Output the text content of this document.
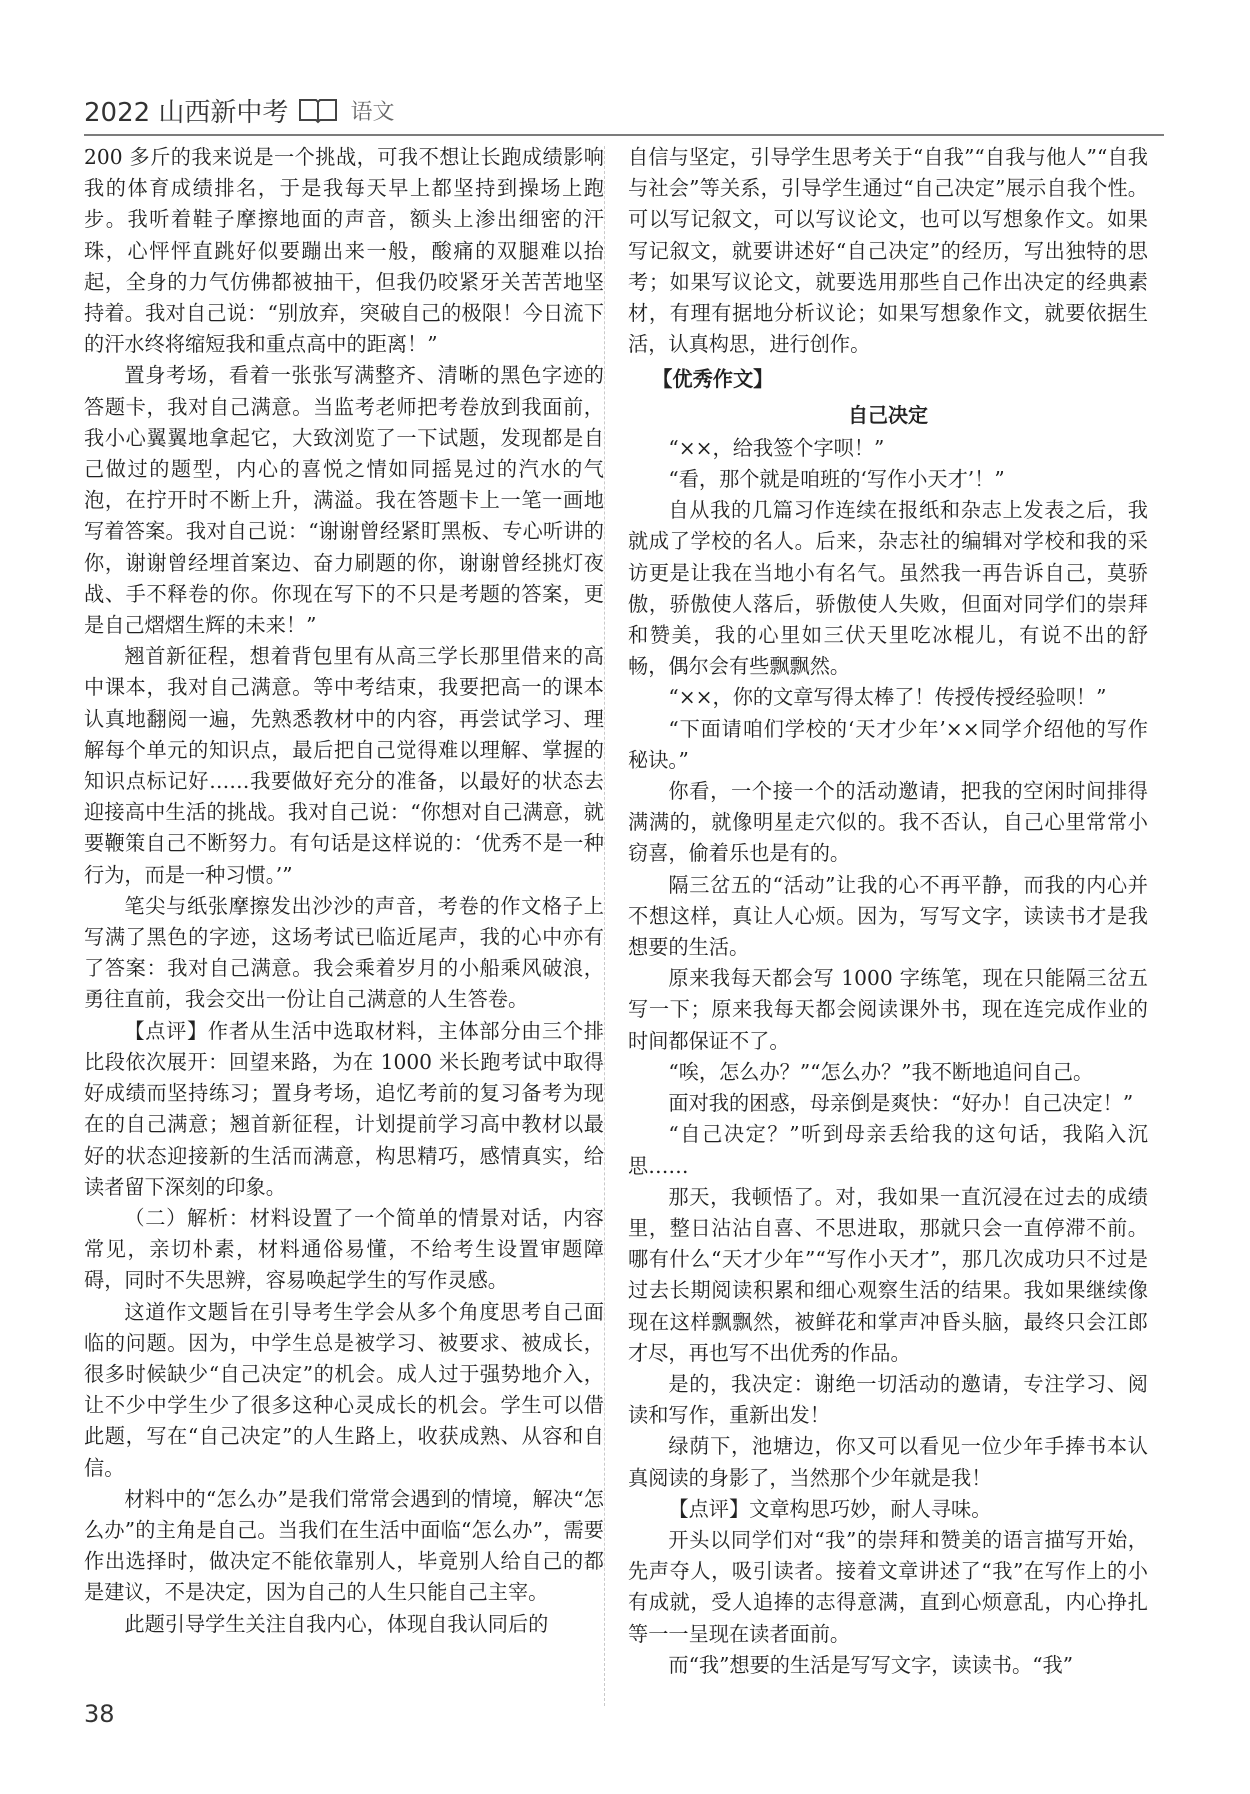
2022 山西新中考	语文

200 多斤的我来说是一个挑战，可我不想让长跑成绩影响我的体育成绩排名，于是我每天早上都坚持到操场上跑步。我听着鞋子摩擦地面的声音，额头上渗出细密的汗珠，心怦怦直跳好似要蹦出来一般，酸痛的双腿难以抬起，全身的力气仿佛都被抽干，但我仍咬紧牙关苦苦地坚持着。我对自己说：“别放弃，突破自己的极限！今日流下的汗水终将缩短我和重点高中的距离！”

置身考场，看着一张张写满整齐、清晰的黑色字迹的答题卡，我对自己满意。当监考老师把考卷放到我面前，我小心翼翼地拿起它，大致浏览了一下试题，发现都是自己做过的题型，内心的喜悦之情如同摇晃过的汽水的气泡，在拧开时不断上升，满溢。我在答题卡上一笔一画地写着答案。我对自己说：“谢谢曾经紧盯黑板、专心听讲的你，谢谢曾经埋首案边、奋力刷题的你，谢谢曾经挑灯夜战、手不释卷的你。你现在写下的不只是考题的答案，更是自己熠熠生辉的未来！”

翘首新征程，想着背包里有从高三学长那里借来的高中课本，我对自己满意。等中考结束，我要把高一的课本认真地翻阅一遍，先熟悉教材中的内容，再尝试学习、理解每个单元的知识点，最后把自己觉得难以理解、掌握的知识点标记好……我要做好充分的准备，以最好的状态去迎接高中生活的挑战。我对自己说：“你想对自己满意，就要鞭策自己不断努力。有句话是这样说的：‘优秀不是一种行为，而是一种习惯。’”

笔尖与纸张摩擦发出沙沙的声音，考卷的作文格子上写满了黑色的字迹，这场考试已临近尾声，我的心中亦有了答案：我对自己满意。我会乘着岁月的小船乘风破浪，勇往直前，我会交出一份让自己满意的人生答卷。

【点评】作者从生活中选取材料，主体部分由三个排比段依次展开：回望来路，为在 1000 米长跑考试中取得好成绩而坚持练习；置身考场，追忆考前的复习备考为现在的自己满意；翘首新征程，计划提前学习高中教材以最好的状态迎接新的生活而满意，构思精巧，感情真实，给读者留下深刻的印象。

（二）解析：材料设置了一个简单的情景对话，内容常见，亲切朴素，材料通俗易懂，不给考生设置审题障碍，同时不失思辨，容易唤起学生的写作灵感。

这道作文题旨在引导考生学会从多个角度思考自己面临的问题。因为，中学生总是被学习、被要求、被成长，很多时候缺少“自己决定”的机会。成人过于强势地介入，让不少中学生少了很多这种心灵成长的机会。学生可以借此题，写在“自己决定”的人生路上，收获成熟、从容和自信。

材料中的“怎么办”是我们常常会遇到的情境，解决“怎么办”的主角是自己。当我们在生活中面临“怎么办”，需要作出选择时，做决定不能依靠别人，毕竟别人给自己的都是建议，不是决定，因为自己的人生只能自己主宰。

此题引导学生关注自我内心，体现自我认同后的

自信与坚定，引导学生思考关于“自我”“自我与他人”“自我与社会”等关系，引导学生通过“自己决定”展示自我个性。可以写记叙文，可以写议论文，也可以写想象作文。如果写记叙文，就要讲述好“自己决定”的经历，写出独特的思考；如果写议论文，就要选用那些自己作出决定的经典素材，有理有据地分析议论；如果写想象作文，就要依据生活，认真构思，进行创作。

【优秀作文】

自己决定

“××，给我签个字呗！”

“看，那个就是咱班的‘写作小天才’！”

自从我的几篇习作连续在报纸和杂志上发表之后，我就成了学校的名人。后来，杂志社的编辑对学校和我的采访更是让我在当地小有名气。虽然我一再告诉自己，莫骄傲，骄傲使人落后，骄傲使人失败，但面对同学们的崇拜和赞美，我的心里如三伏天里吃冰棍儿，有说不出的舒畅，偶尔会有些飘飘然。

“××，你的文章写得太棒了！传授传授经验呗！”

“下面请咱们学校的‘天才少年’××同学介绍他的写作秘诀。”

你看，一个接一个的活动邀请，把我的空闲时间排得满满的，就像明星走穴似的。我不否认，自己心里常常小窃喜，偷着乐也是有的。

隔三岔五的“活动”让我的心不再平静，而我的内心并不想这样，真让人心烦。因为，写写文字，读读书才是我想要的生活。

原来我每天都会写 1000 字练笔，现在只能隔三岔五写一下；原来我每天都会阅读课外书，现在连完成作业的时间都保证不了。

“唉，怎么办？”“怎么办？”我不断地追问自己。

面对我的困惑，母亲倒是爽快：“好办！自己决定！”

“自己决定？”听到母亲丢给我的这句话，我陷入沉思……

那天，我顿悟了。对，我如果一直沉浸在过去的成绩里，整日沾沾自喜、不思进取，那就只会一直停滞不前。哪有什么“天才少年”“写作小天才”，那几次成功只不过是过去长期阅读积累和细心观察生活的结果。我如果继续像现在这样飘飘然，被鲜花和掌声冲昏头脑，最终只会江郎才尽，再也写不出优秀的作品。

是的，我决定：谢绝一切活动的邀请，专注学习、阅读和写作，重新出发！

绿荫下，池塘边，你又可以看见一位少年手捧书本认真阅读的身影了，当然那个少年就是我！

【点评】文章构思巧妙，耐人寻味。

开头以同学们对“我”的崇拜和赞美的语言描写开始，先声夺人，吸引读者。接着文章讲述了“我”在写作上的小有成就，受人追捧的志得意满，直到心烦意乱，内心挣扎等一一呈现在读者面前。

而“我”想要的生活是写写文字，读读书。“我”

38
